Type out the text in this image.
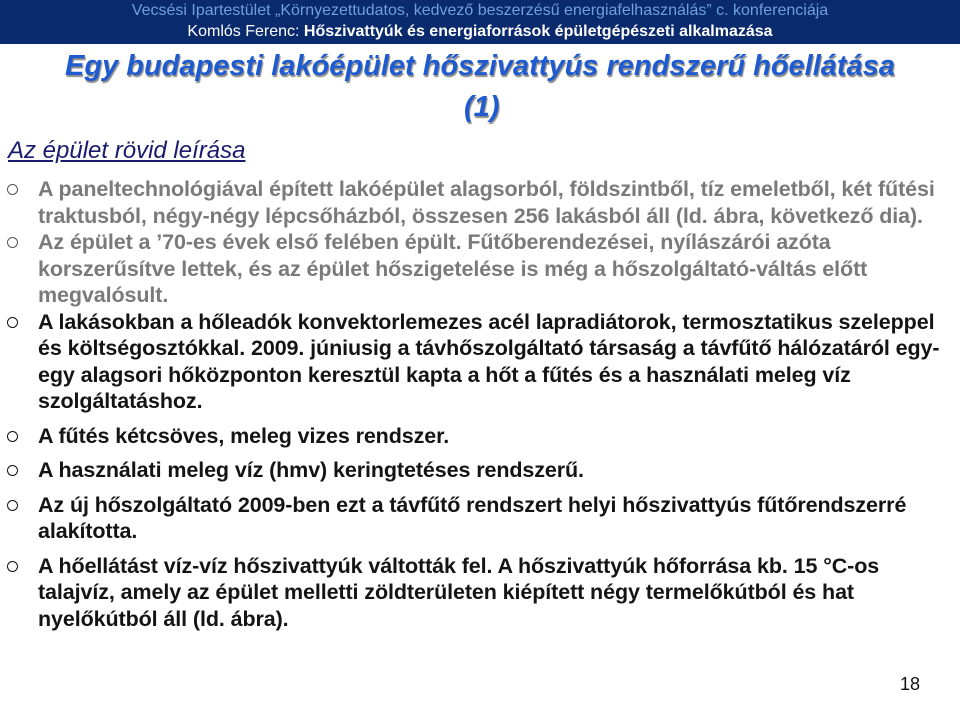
Vecsési Ipartestület „Környezettudatos, kedvező beszerzésű energiafelhasználás” c. konferenciája
Komlós Ferenc: Hőszivattyúk és energiaforrások épületgépészeti alkalmazása
Egy budapesti lakóépület hőszivattyús rendszerű hőellátása
(1)
Az épület rövid leírása
A paneltechnológiával épített lakóépület alagsorból, földszintből, tíz emeletből, két fűtési traktusból, négy-négy lépcsőházból, összesen 256 lakásból áll (ld. ábra, következő dia).
Az épület a ’70-es évek első felében épült. Fűtőberendezései, nyílászárói azóta korszerűsítve lettek, és az épület hőszigetelése is még a hőszolgáltató-váltás előtt megvalósult.
A lakásokban a hőleadók konvektorlemezes acél lapradiátorok, termosztatikus szeleppel és költségosztókkal. 2009. júniusig a távhőszolgáltató társaság a távfűtő hálózatáról egy-egy alagsori hőközponton keresztül kapta a hőt a fűtés és a használati meleg víz szolgáltatáshoz.
A fűtés kétcsöves, meleg vizes rendszer.
A használati meleg víz (hmv) keringtetéses rendszerű.
Az új hőszolgáltató 2009-ben ezt a távfűtő rendszert helyi hőszivattyús fűtőrendszerré alakította.
A hőellátást víz-víz hőszivattyúk váltották fel. A hőszivattyúk hőforrása kb. 15 °C-os talajvíz, amely az épület melletti zöldterületen kiépített négy termelőkútból és hat nyelőkútból áll (ld. ábra).
18
